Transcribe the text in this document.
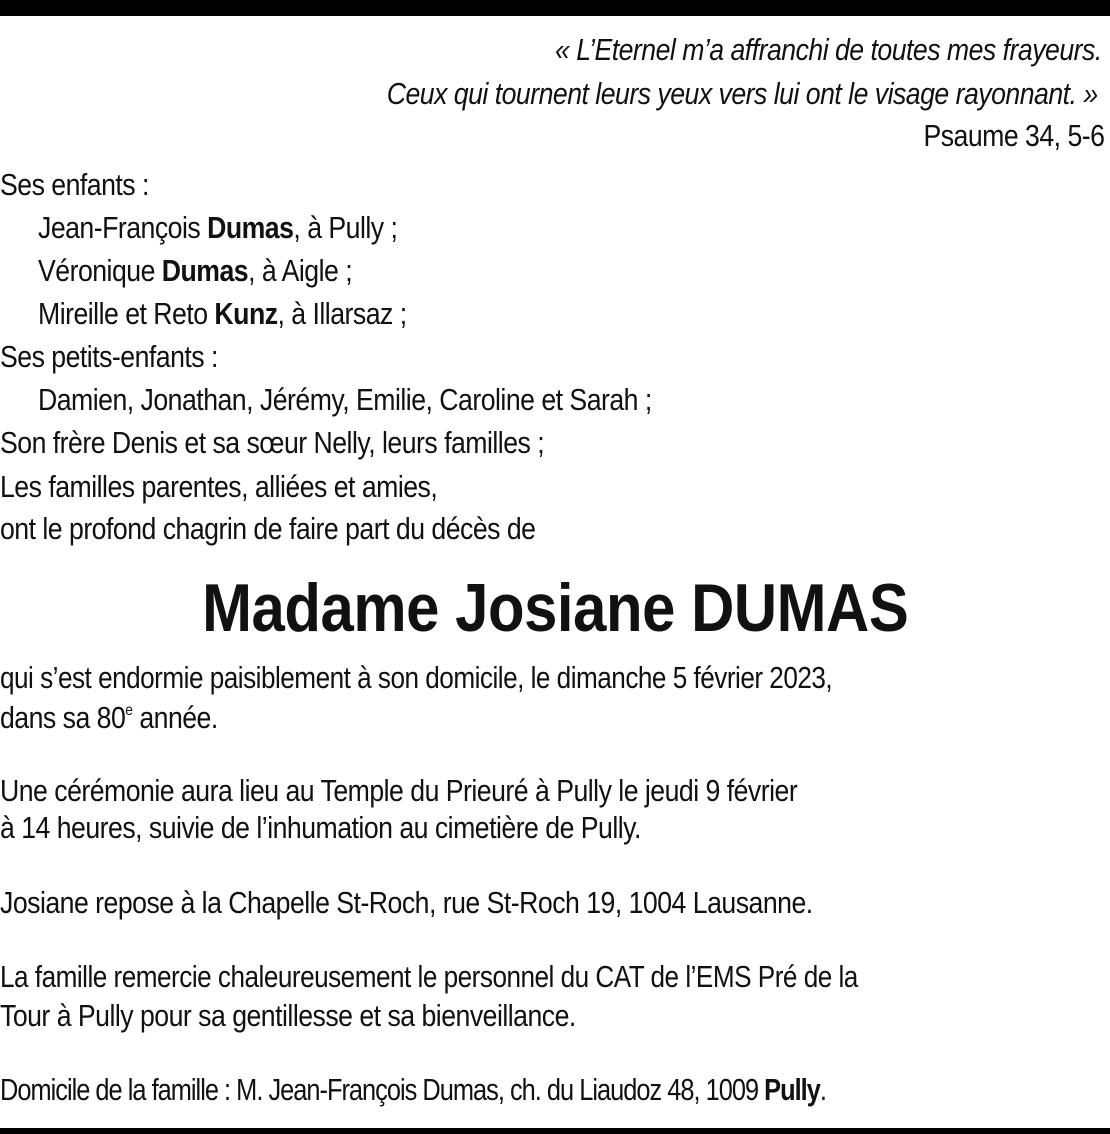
« L’Eternel m’a affranchi de toutes mes frayeurs.
Ceux qui tournent leurs yeux vers lui ont le visage rayonnant. »
Psaume 34, 5-6
Ses enfants :
Jean-François Dumas, à Pully ;
Véronique Dumas, à Aigle ;
Mireille et Reto Kunz, à Illarsaz ;
Ses petits-enfants :
Damien, Jonathan, Jérémy, Emilie, Caroline et Sarah ;
Son frère Denis et sa sœur Nelly, leurs familles ;
Les familles parentes, alliées et amies,
ont le profond chagrin de faire part du décès de
Madame Josiane DUMAS
qui s’est endormie paisiblement à son domicile, le dimanche 5 février 2023,
dans sa 80e année.
Une cérémonie aura lieu au Temple du Prieuré à Pully le jeudi 9 février
à 14 heures, suivie de l’inhumation au cimetière de Pully.
Josiane repose à la Chapelle St-Roch, rue St-Roch 19, 1004 Lausanne.
La famille remercie chaleureusement le personnel du CAT de l’EMS Pré de la
Tour à Pully pour sa gentillesse et sa bienveillance.
Domicile de la famille : M. Jean-François Dumas, ch. du Liaudoz 48, 1009 Pully.
